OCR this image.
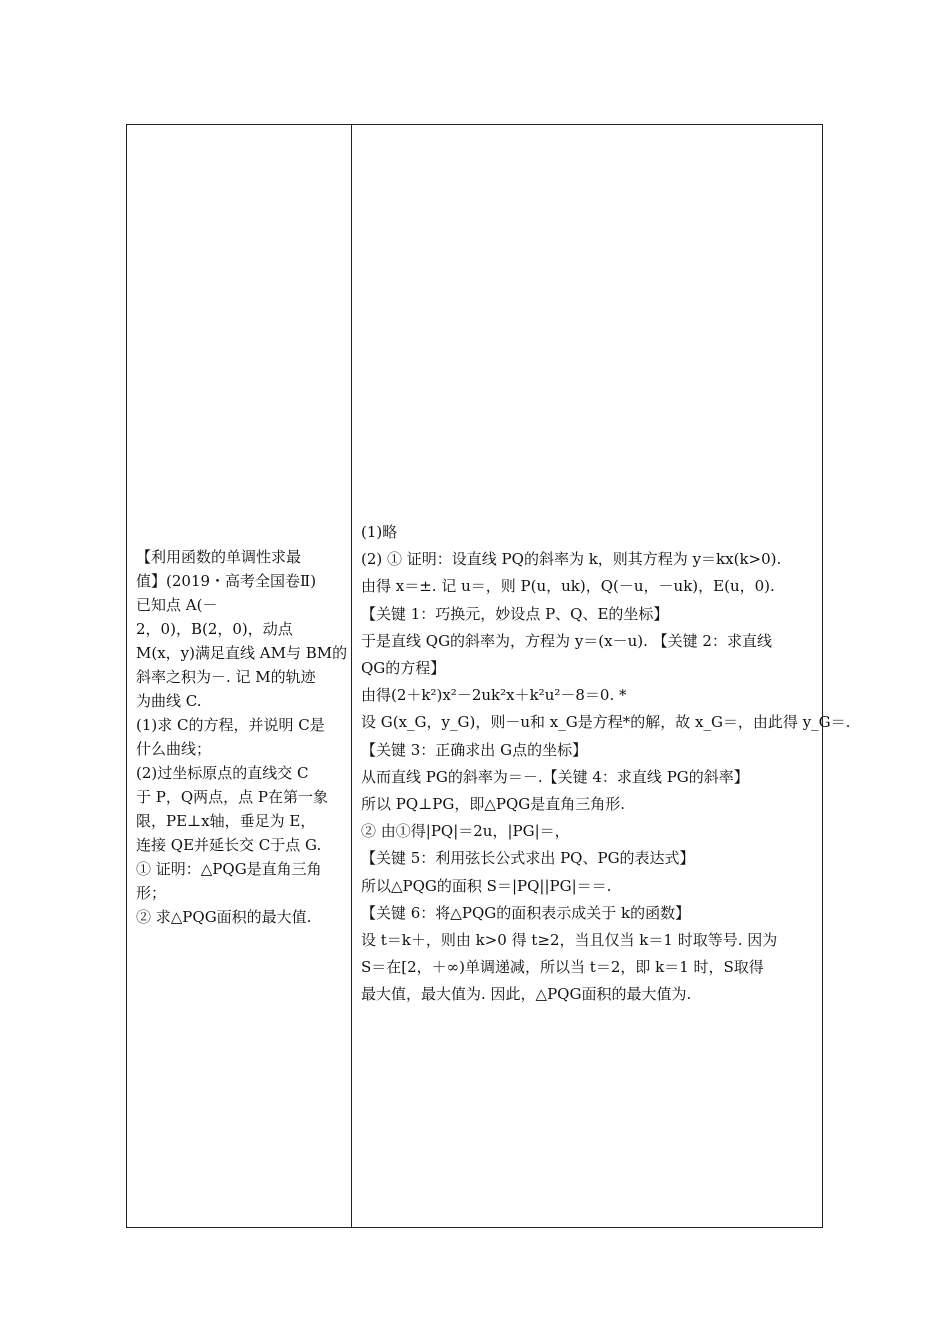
【利用函数的单调性求最
值】(2019・高考全国卷Ⅱ)
已知点 A(－
2，0)，B(2，0)，动点
M(x，y)满足直线 AM与 BM的
斜率之积为－. 记 M的轨迹
为曲线 C.
(1)求 C的方程，并说明 C是
什么曲线；
(2)过坐标原点的直线交 C
于 P，Q两点，点 P在第一象
限，PE⊥x轴，垂足为 E，
连接 QE并延长交 C于点 G.
① 证明：△PQG是直角三角
形；
② 求△PQG面积的最大值.
(1)略
(2) ① 证明：设直线 PQ的斜率为 k，则其方程为 y＝kx(k>0).
由得 x＝±. 记 u＝，则 P(u，uk)，Q(－u，－uk)，E(u，0).
【关键 1：巧换元，妙设点 P、Q、E的坐标】
于是直线 QG的斜率为，方程为 y＝(x－u). 【关键 2：求直线
QG的方程】
由得(2＋k²)x²－2uk²x＋k²u²－8＝0. *
设 G(x_G，y_G)，则－u和 x_G是方程*的解，故 x_G＝，由此得 y_G＝.
【关键 3：正确求出 G点的坐标】
从而直线 PG的斜率为＝－.【关键 4：求直线 PG的斜率】
所以 PQ⊥PG，即△PQG是直角三角形.
② 由①得|PQ|＝2u，|PG|＝，
【关键 5：利用弦长公式求出 PQ、PG的表达式】
所以△PQG的面积 S＝|PQ||PG|＝＝.
【关键 6：将△PQG的面积表示成关于 k的函数】
设 t＝k＋，则由 k>0 得 t≥2，当且仅当 k＝1 时取等号. 因为
S＝在[2，＋∞)单调递减，所以当 t＝2，即 k＝1 时，S取得
最大值，最大值为. 因此，△PQG面积的最大值为.
